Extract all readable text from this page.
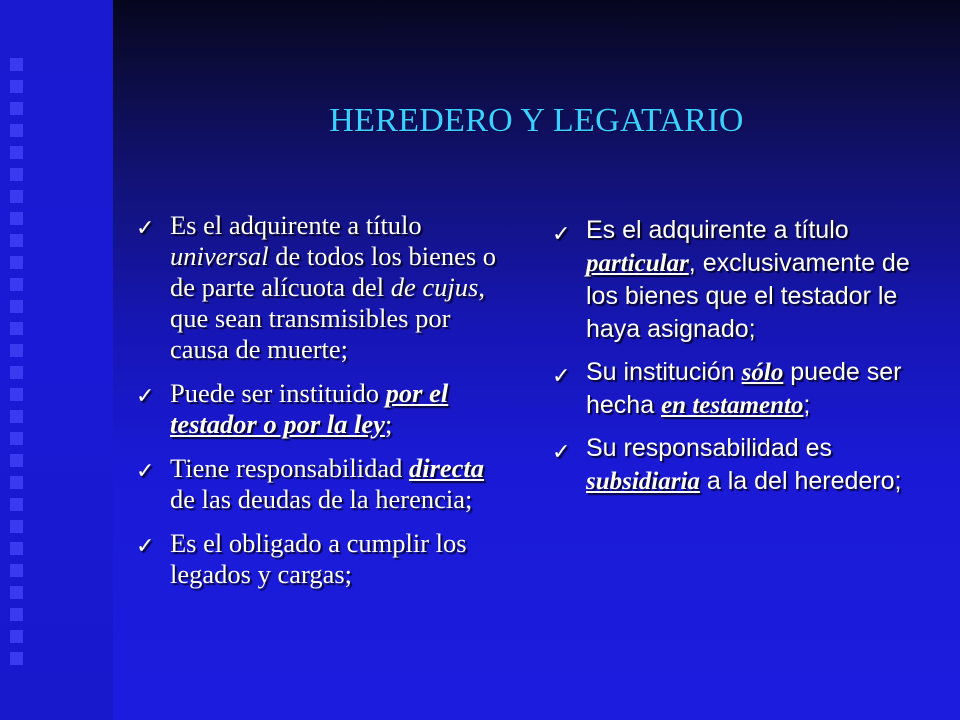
HEREDERO Y LEGATARIO
✓ Es el adquirente a título universal de todos los bienes o de parte alícuota del de cujus, que sean transmisibles por causa de muerte;
✓ Puede ser instituido por el testador o por la ley;
✓ Tiene responsabilidad directa de las deudas de la herencia;
✓ Es el obligado a cumplir los legados y cargas;
✓ Es el adquirente a título particular, exclusivamente de los bienes que el testador le haya asignado;
✓ Su institución sólo puede ser hecha en testamento;
✓ Su responsabilidad es subsidiaria a la del heredero;
